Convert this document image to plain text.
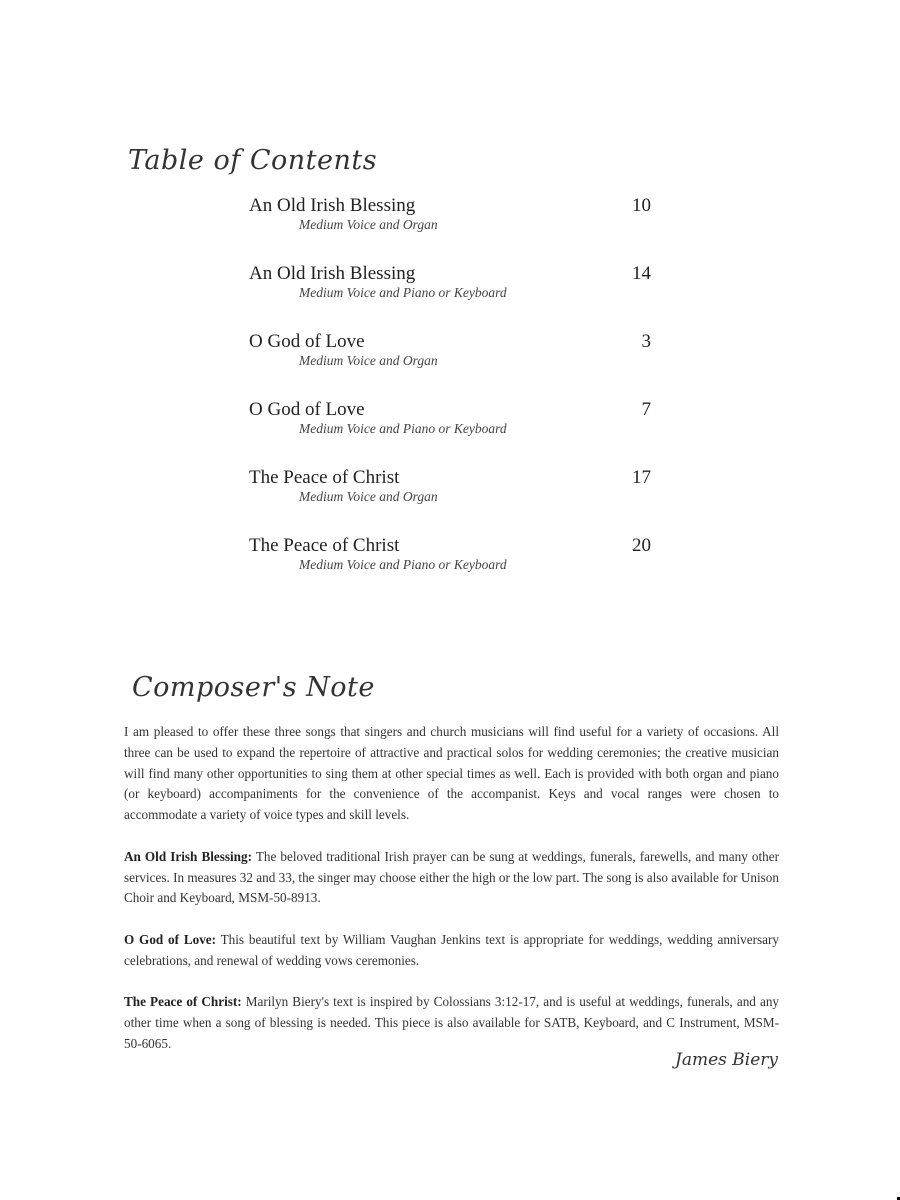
Table of Contents
An Old Irish Blessing	10
Medium Voice and Organ
An Old Irish Blessing	14
Medium Voice and Piano or Keyboard
O God of Love	3
Medium Voice and Organ
O God of Love	7
Medium Voice and Piano or Keyboard
The Peace of Christ	17
Medium Voice and Organ
The Peace of Christ	20
Medium Voice and Piano or Keyboard
Composer's Note

I am pleased to offer these three songs that singers and church musicians will find useful for a variety of occasions. All three can be used to expand the repertoire of attractive and practical solos for wedding ceremonies; the creative musician will find many other opportunities to sing them at other special times as well. Each is provided with both organ and piano (or keyboard) accompaniments for the convenience of the accompanist. Keys and vocal ranges were chosen to accommodate a variety of voice types and skill levels.

An Old Irish Blessing: The beloved traditional Irish prayer can be sung at weddings, funerals, farewells, and many other services. In measures 32 and 33, the singer may choose either the high or the low part. The song is also available for Unison Choir and Keyboard, MSM-50-8913.

O God of Love: This beautiful text by William Vaughan Jenkins text is appropriate for weddings, wedding anniversary celebrations, and renewal of wedding vows ceremonies.

The Peace of Christ: Marilyn Biery's text is inspired by Colossians 3:12-17, and is useful at weddings, funerals, and any other time when a song of blessing is needed. This piece is also available for SATB, Keyboard, and C Instrument, MSM-50-6065.

James Biery
